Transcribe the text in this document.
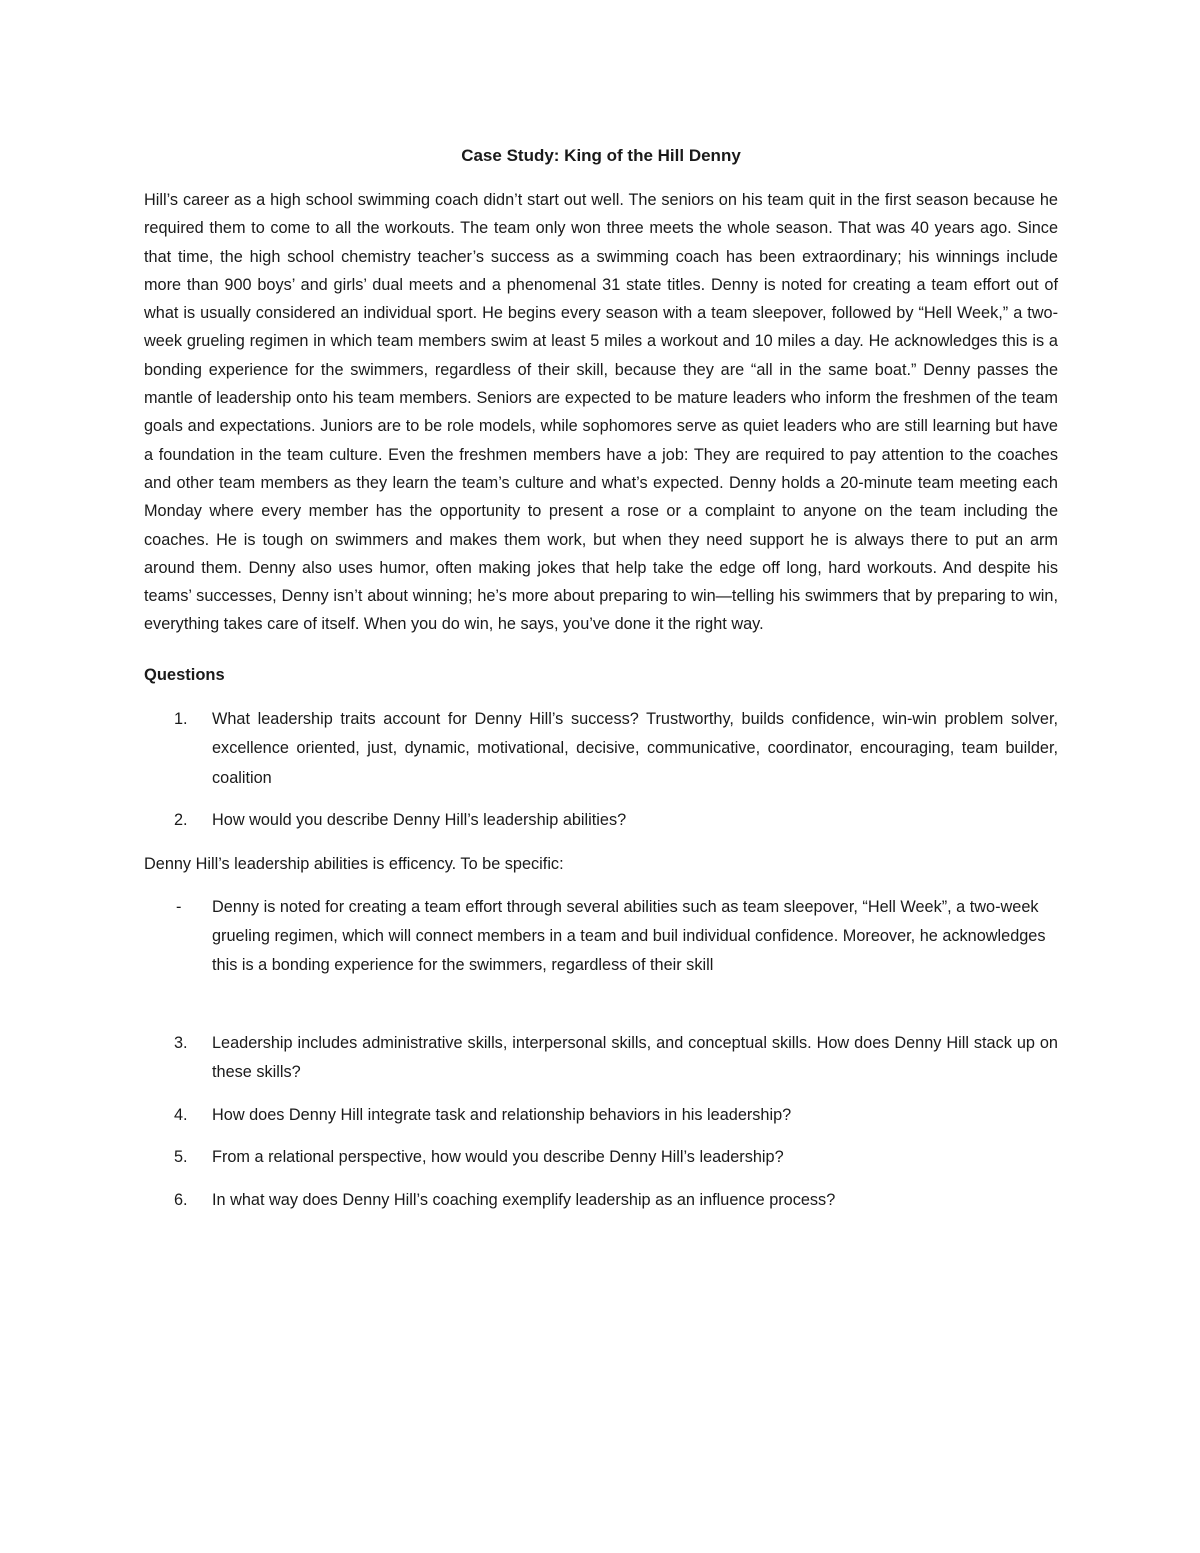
Case Study: King of the Hill Denny

Hill’s career as a high school swimming coach didn’t start out well. The seniors on his team quit in the first season because he required them to come to all the workouts. The team only won three meets the whole season. That was 40 years ago. Since that time, the high school chemistry teacher’s success as a swimming coach has been extraordinary; his winnings include more than 900 boys’ and girls’ dual meets and a phenomenal 31 state titles. Denny is noted for creating a team effort out of what is usually considered an individual sport. He begins every season with a team sleepover, followed by “Hell Week,” a two-week grueling regimen in which team members swim at least 5 miles a workout and 10 miles a day. He acknowledges this is a bonding experience for the swimmers, regardless of their skill, because they are “all in the same boat.” Denny passes the mantle of leadership onto his team members. Seniors are expected to be mature leaders who inform the freshmen of the team goals and expectations. Juniors are to be role models, while sophomores serve as quiet leaders who are still learning but have a foundation in the team culture. Even the freshmen members have a job: They are required to pay attention to the coaches and other team members as they learn the team’s culture and what’s expected. Denny holds a 20-minute team meeting each Monday where every member has the opportunity to present a rose or a complaint to anyone on the team including the coaches. He is tough on swimmers and makes them work, but when they need support he is always there to put an arm around them. Denny also uses humor, often making jokes that help take the edge off long, hard workouts. And despite his teams’ successes, Denny isn’t about winning; he’s more about preparing to win—telling his swimmers that by preparing to win, everything takes care of itself. When you do win, he says, you’ve done it the right way.

Questions
1. What leadership traits account for Denny Hill’s success? Trustworthy, builds confidence, win-win problem solver, excellence oriented, just, dynamic, motivational, decisive, communicative, coordinator, encouraging, team builder, coalition
2. How would you describe Denny Hill’s leadership abilities?
Denny Hill’s leadership abilities is efficency. To be specific:
- Denny is noted for creating a team effort through several abilities such as team sleepover, “Hell Week”, a two-week grueling regimen, which will connect members in a team and buil individual confidence. Moreover, he acknowledges this is a bonding experience for the swimmers, regardless of their skill
3. Leadership includes administrative skills, interpersonal skills, and conceptual skills. How does Denny Hill stack up on these skills?
4. How does Denny Hill integrate task and relationship behaviors in his leadership?
5. From a relational perspective, how would you describe Denny Hill’s leadership?
6. In what way does Denny Hill’s coaching exemplify leadership as an influence process?
